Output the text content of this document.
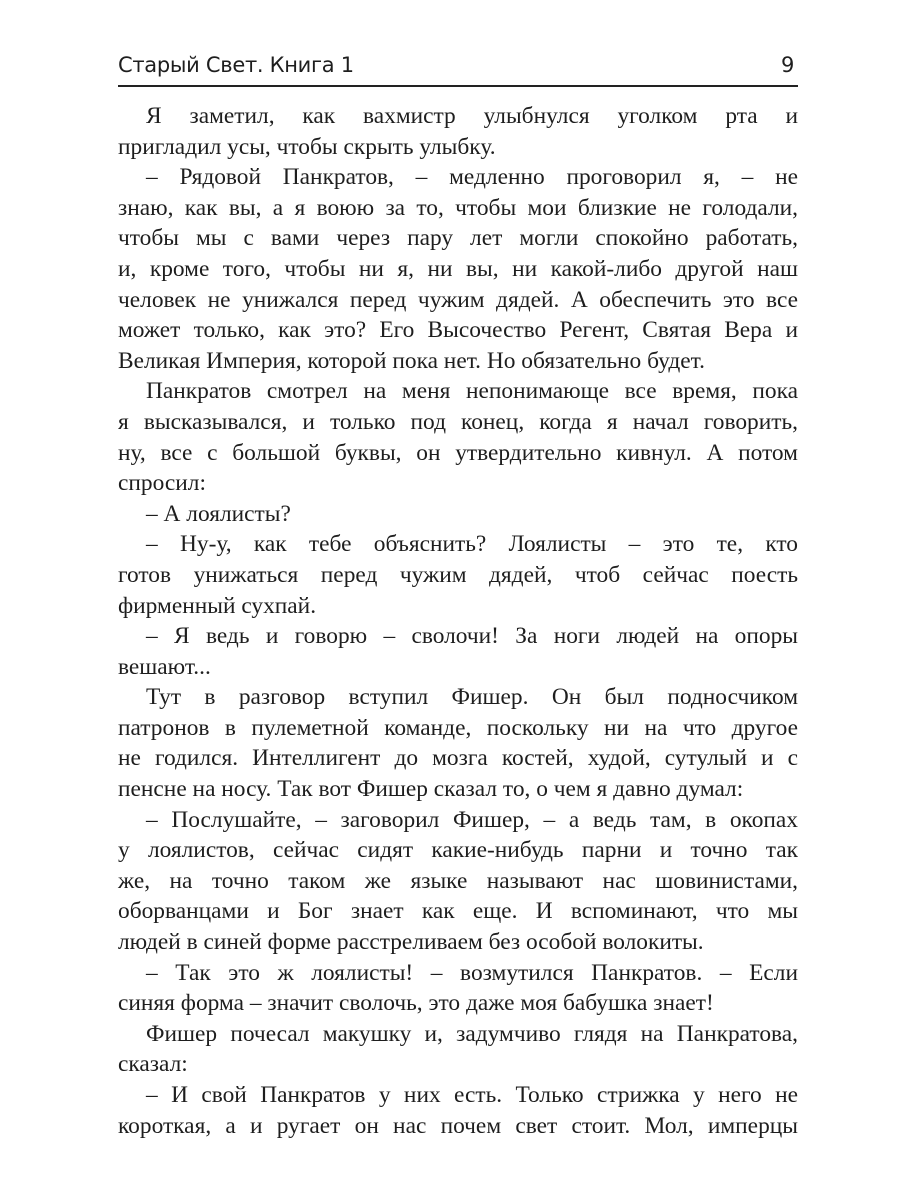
Старый Свет. Книга 1	9

Я заметил, как вахмистр улыбнулся уголком рта и

пригладил усы, чтобы скрыть улыбку.

– Рядовой Панкратов, – медленно проговорил я, – не

знаю, как вы, а я воюю за то, чтобы мои близкие не голодали,

чтобы мы с вами через пару лет могли спокойно работать,

и, кроме того, чтобы ни я, ни вы, ни какой-либо другой наш

человек не унижался перед чужим дядей. А обеспечить это все

может только, как это? Его Высочество Регент, Святая Вера и

Великая Империя, которой пока нет. Но обязательно будет.

Панкратов смотрел на меня непонимающе все время, пока

я высказывался, и только под конец, когда я начал говорить,

ну, все с большой буквы, он утвердительно кивнул. А потом

спросил:

– А лоялисты?

– Ну-у, как тебе объяснить? Лоялисты – это те, кто

готов унижаться перед чужим дядей, чтоб сейчас поесть

фирменный сухпай.

– Я ведь и говорю – сволочи! За ноги людей на опоры

вешают...

Тут в разговор вступил Фишер. Он был подносчиком

патронов в пулеметной команде, поскольку ни на что другое

не годился. Интеллигент до мозга костей, худой, сутулый и с

пенсне на носу. Так вот Фишер сказал то, о чем я давно думал:

– Послушайте, – заговорил Фишер, – а ведь там, в окопах

у лоялистов, сейчас сидят какие-нибудь парни и точно так

же, на точно таком же языке называют нас шовинистами,

оборванцами и Бог знает как еще. И вспоминают, что мы

людей в синей форме расстреливаем без особой волокиты.

– Так это ж лоялисты! – возмутился Панкратов. – Если

синяя форма – значит сволочь, это даже моя бабушка знает!

Фишер почесал макушку и, задумчиво глядя на Панкратова,

сказал:

– И свой Панкратов у них есть. Только стрижка у него не

короткая, а и ругает он нас почем свет стоит. Мол, имперцы
